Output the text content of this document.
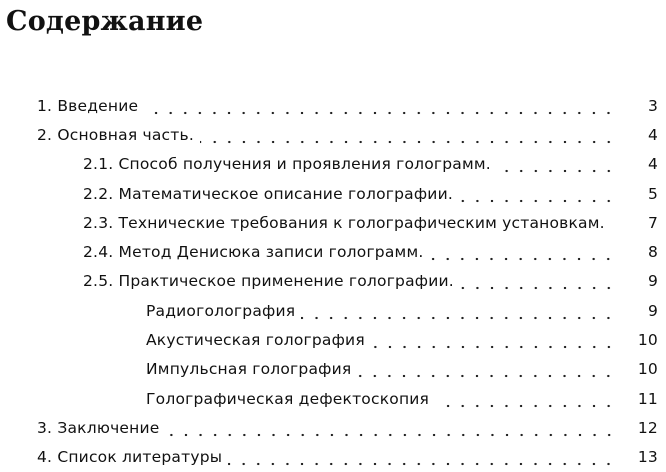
Содержание
1. Введение	3
2. Основная часть.	4
2.1. Способ получения и проявления голограмм.	4
2.2. Математическое описание голографии.	5
2.3. Технические требования к голографическим установкам.	7
2.4. Метод Денисюка записи голограмм.	8
2.5. Практическое применение голографии.	9
Радиоголография	9
Акустическая голография	10
Импульсная голография	10
Голографическая дефектоскопия	11
3. Заключение	12
4. Список литературы	13
